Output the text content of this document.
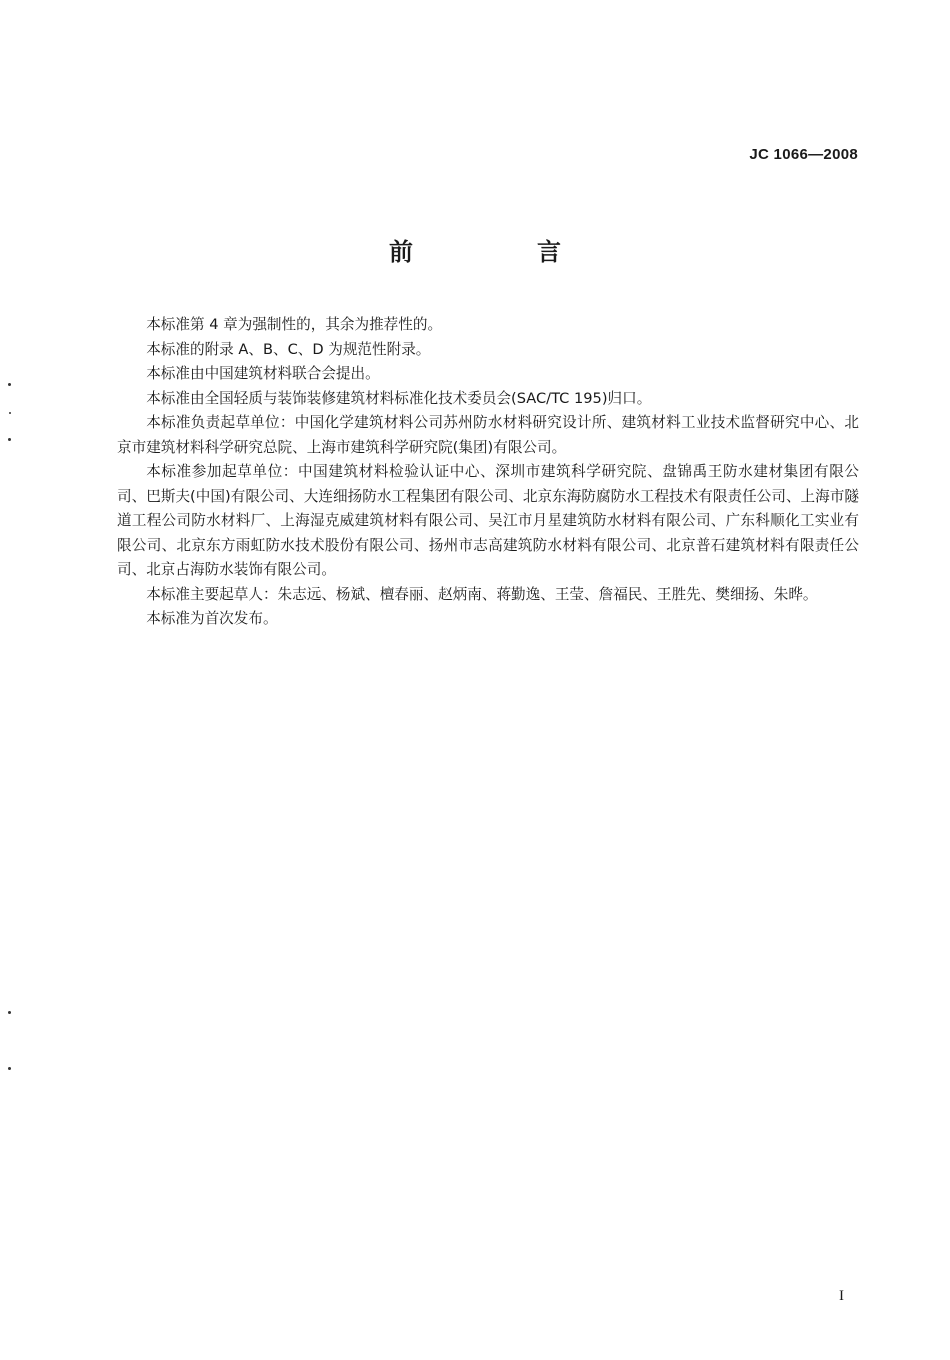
JC 1066—2008
前　言

本标准第 4 章为强制性的，其余为推荐性的。

本标准的附录 A、B、C、D 为规范性附录。

本标准由中国建筑材料联合会提出。

本标准由全国轻质与装饰装修建筑材料标准化技术委员会(SAC/TC 195)归口。

本标准负责起草单位：中国化学建筑材料公司苏州防水材料研究设计所、建筑材料工业技术监督研究中心、北京市建筑材料科学研究总院、上海市建筑科学研究院(集团)有限公司。

本标准参加起草单位：中国建筑材料检验认证中心、深圳市建筑科学研究院、盘锦禹王防水建材集团有限公司、巴斯夫(中国)有限公司、大连细扬防水工程集团有限公司、北京东海防腐防水工程技术有限责任公司、上海市隧道工程公司防水材料厂、上海湿克威建筑材料有限公司、吴江市月星建筑防水材料有限公司、广东科顺化工实业有限公司、北京东方雨虹防水技术股份有限公司、扬州市志高建筑防水材料有限公司、北京普石建筑材料有限责任公司、北京占海防水装饰有限公司。

本标准主要起草人：朱志远、杨斌、檀春丽、赵炳南、蒋勤逸、王莹、詹福民、王胜先、樊细扬、朱晔。

本标准为首次发布。

I
